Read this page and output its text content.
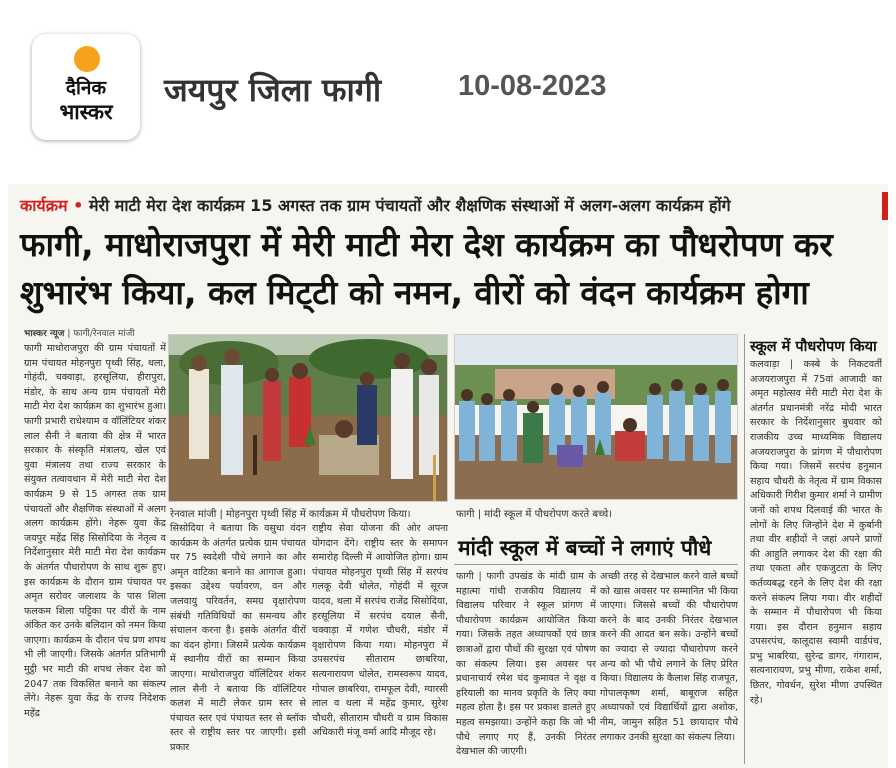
दैनिक
भास्कर
जयपुर जिला फागी	10-08-2023
कार्यक्रम • मेरी माटी मेरा देश कार्यक्रम 15 अगस्त तक ग्राम पंचायतों और शैक्षणिक संस्थाओं में अलग-अलग कार्यक्रम होंगे
फागी, माधोराजपुरा में मेरी माटी मेरा देश कार्यक्रम का पौधरोपण कर
शुभारंभ किया, कल मिट्‌टी को नमन, वीरों को वंदन कार्यक्रम होगा
भास्कर न्यूज | फागी/रेनवाल मांजी
फागी माधोराजपुरा की ग्राम पंचायतों में ग्राम पंचायत मोहनपुरा पृथ्वी सिंह, थला, गोहंदी, चक्वाड़ा, हरसूलिया, हीरापुरा, मंडोर, के साथ अन्य ग्राम पंचायतों मेरी माटी मेरा देश कार्यक्रम का शुभारंभ हुआ। फागी प्रभारी राधेश्याम व वॉलिंटियर शंकर लाल सैनी ने बताया की क्षेत्र में भारत सरकार के संस्कृति मंत्रालय, खेल एवं युवा मंत्रालय तथा राज्य सरकार के संयुक्त तत्वावधान में मेरी माटी मेरा देश कार्यक्रम 9 से 15 अगस्त तक ग्राम पंचायतों और शैक्षणिक संस्थाओं में अलग अलग कार्यक्रम होंगे। नेहरू युवा केंद्र जयपुर महेंद्र सिंह सिसोदिया के नेतृत्व व निर्देशानुसार मेरी माटी मेरा देश कार्यक्रम के अंतर्गत पौधारोपण के साथ शुरू हुए। इस कार्यक्रम के दौरान ग्राम पंचायत पर अमृत सरोवर जलाशय के पास शिला फलकम शिला पट्टिका पर वीरों के नाम अंकित कर उनके बलिदान को नमन किया जाएगा। कार्यक्रम के दौरान पंच प्रण शपथ भी ली जाएगी। जिसके अंतर्गत प्रतिभागी मुट्ठी भर माटी की शपथ लेकर देश को 2047 तक विकसित बनाने का संकल्प लेंगे। नेहरू युवा केंद्र के राज्य निदेशक महेंद्र
रेनवाल मांजी | मोहनपुरा पृथ्वी सिंह में कार्यक्रम में पौधरोपण किया।
सिसोदिया ने बताया कि वसुधा वंदन कार्यक्रम के अंतर्गत प्रत्येक ग्राम पंचायत पर 75 स्वदेशी पौधे लगाने का और अमृत वाटिका बनाने का आगाज हुआ। इसका उद्देश्य पर्यावरण, वन और जलवायु परिवर्तन, समग्र वृक्षारोपण संबंधी गतिविधियों का समन्वय और संचालन करना है। इसके अंतर्गत वीरों का वंदन होगा। जिसमें प्रत्येक कार्यक्रम में स्थानीय वीरों का सम्मान किया जाएगा। माधोराजपुरा वॉलिंटियर शंकर लाल सैनी ने बताया कि वॉलिंटियर कलश में माटी लेकर ग्राम स्तर से पंचायत स्तर एवं पंचायत स्तर से ब्लॉक स्तर से राष्ट्रीय स्तर पर जाएगी। इसी प्रकार
राष्ट्रीय सेवा योजना की ओर अपना योगदान देंगे। राष्ट्रीय स्तर के समापन समारोह दिल्ली में आयोजित होगा। ग्राम पंचायत मोहनपुरा पृथ्वी सिंह में सरपंच गलकू देवी धोलेत, गोहंदी में सूरज यादव, थला में सरपंच राजेंद्र सिसोदिया, हरसूलिया में सरपंच दयाल सैनी, चक्वाड़ा में गणेश चौधरी, मंडोर में वृक्षारोपण किया गया। मोहनपुरा में उपसरपंच सीताराम छाबरिया, सत्यनारायण धोलेत, रामस्वरूप यादव, गोपाल छाबरिया, रामफूल देवी, ग्यारसी लाल व थला में महेंद्र कुमार, सुरेश चौधरी, सीताराम चौधरी व ग्राम विकास अधिकारी मंजू वर्मा आदि मौजूद रहे।
फागी | मांदी स्कूल में पौधरोपण करते बच्चे।
मांदी स्कूल में बच्चों ने लगाएं पौधे
फागी | फागी उपखंड के मांदी ग्राम के महात्मा गांधी राजकीय विद्यालय में विद्यालय परिवार ने स्कूल प्रांगण में पौधारोपण कार्यक्रम आयोजित किया गया। जिसके तहत अध्यापकों एवं छात्र छात्राओं द्वारा पौधों की सुरक्षा एवं पोषण का संकल्प लिया। इस अवसर पर प्रधानाचार्य रमेश चंद कुमावत ने वृक्ष व हरियाली का मानव प्रकृति के लिए क्या महत्व होता है। इस पर प्रकाश डालते हुए महत्व समझाया। उन्होंने कहा कि जो भी पौधे लगाए गए हैं, उनकी निरंतर देखभाल की जाएगी।
अच्छी तरह से देखभाल करने वाले बच्चों को खास अवसर पर सम्मानित भी किया जाएगा। जिससे बच्चों की पौधारोपण करने के बाद उनकी निरंतर देखभाल करने की आदत बन सके। उन्होंने बच्चों का ज्यादा से ज्यादा पौधारोपण करने अन्य को भी पौधे लगाने के लिए प्रेरित किया। विद्यालय के कैलाश सिंह राजपूत, गोपालकृष्ण शर्मा, बाबूराज सहित अध्यापकों एवं विद्यार्थियों द्वारा अशोक, नीम, जामुन सहित 51 छायादार पौधे लगाकर उनकी सुरक्षा का संकल्प लिया।
स्कूल में पौधरोपण किया
कलवाड़ा | कस्बे के निकटवर्ती अजयराजपुरा में 75वां आजादी का अमृत महोत्सव मेरी माटी मेरा देश के अंतर्गत प्रधानमंत्री नरेंद्र मोदी भारत सरकार के निर्देशानुसार बुधवार को राजकीय उच्च माध्यमिक विद्यालय अजयराजपुरा के प्रांगण में पौधारोपण किया गया। जिसमें सरपंच हनुमान सहाय चौधरी के नेतृत्व में ग्राम विकास अधिकारी गिरीश कुमार शर्मा ने ग्रामीण जनों को शपथ दिलवाई की भारत के लोगों के लिए जिन्होंने देश में कुर्बानी तथा वीर शहीदों ने जहां अपने प्राणों की आहुति लगाकर देश की रक्षा की तथा एकता और एकजुटता के लिए कर्तव्यबद्ध रहने के लिए देश की रक्षा करने संकल्प लिया गया। वीर शहीदों के सम्मान में पौधारोपण भी किया गया। इस दौरान हनुमान सहाय उपसरपंच, कालूदास स्वामी वार्डपंच, प्रभु भाबरिया, सुरेन्द्र डागर, गंगाराम, सत्यनारायण, प्रभु मीणा, राकेश शर्मा, छितर, गोवर्धन, सुरेश मीणा उपस्थित रहे।
